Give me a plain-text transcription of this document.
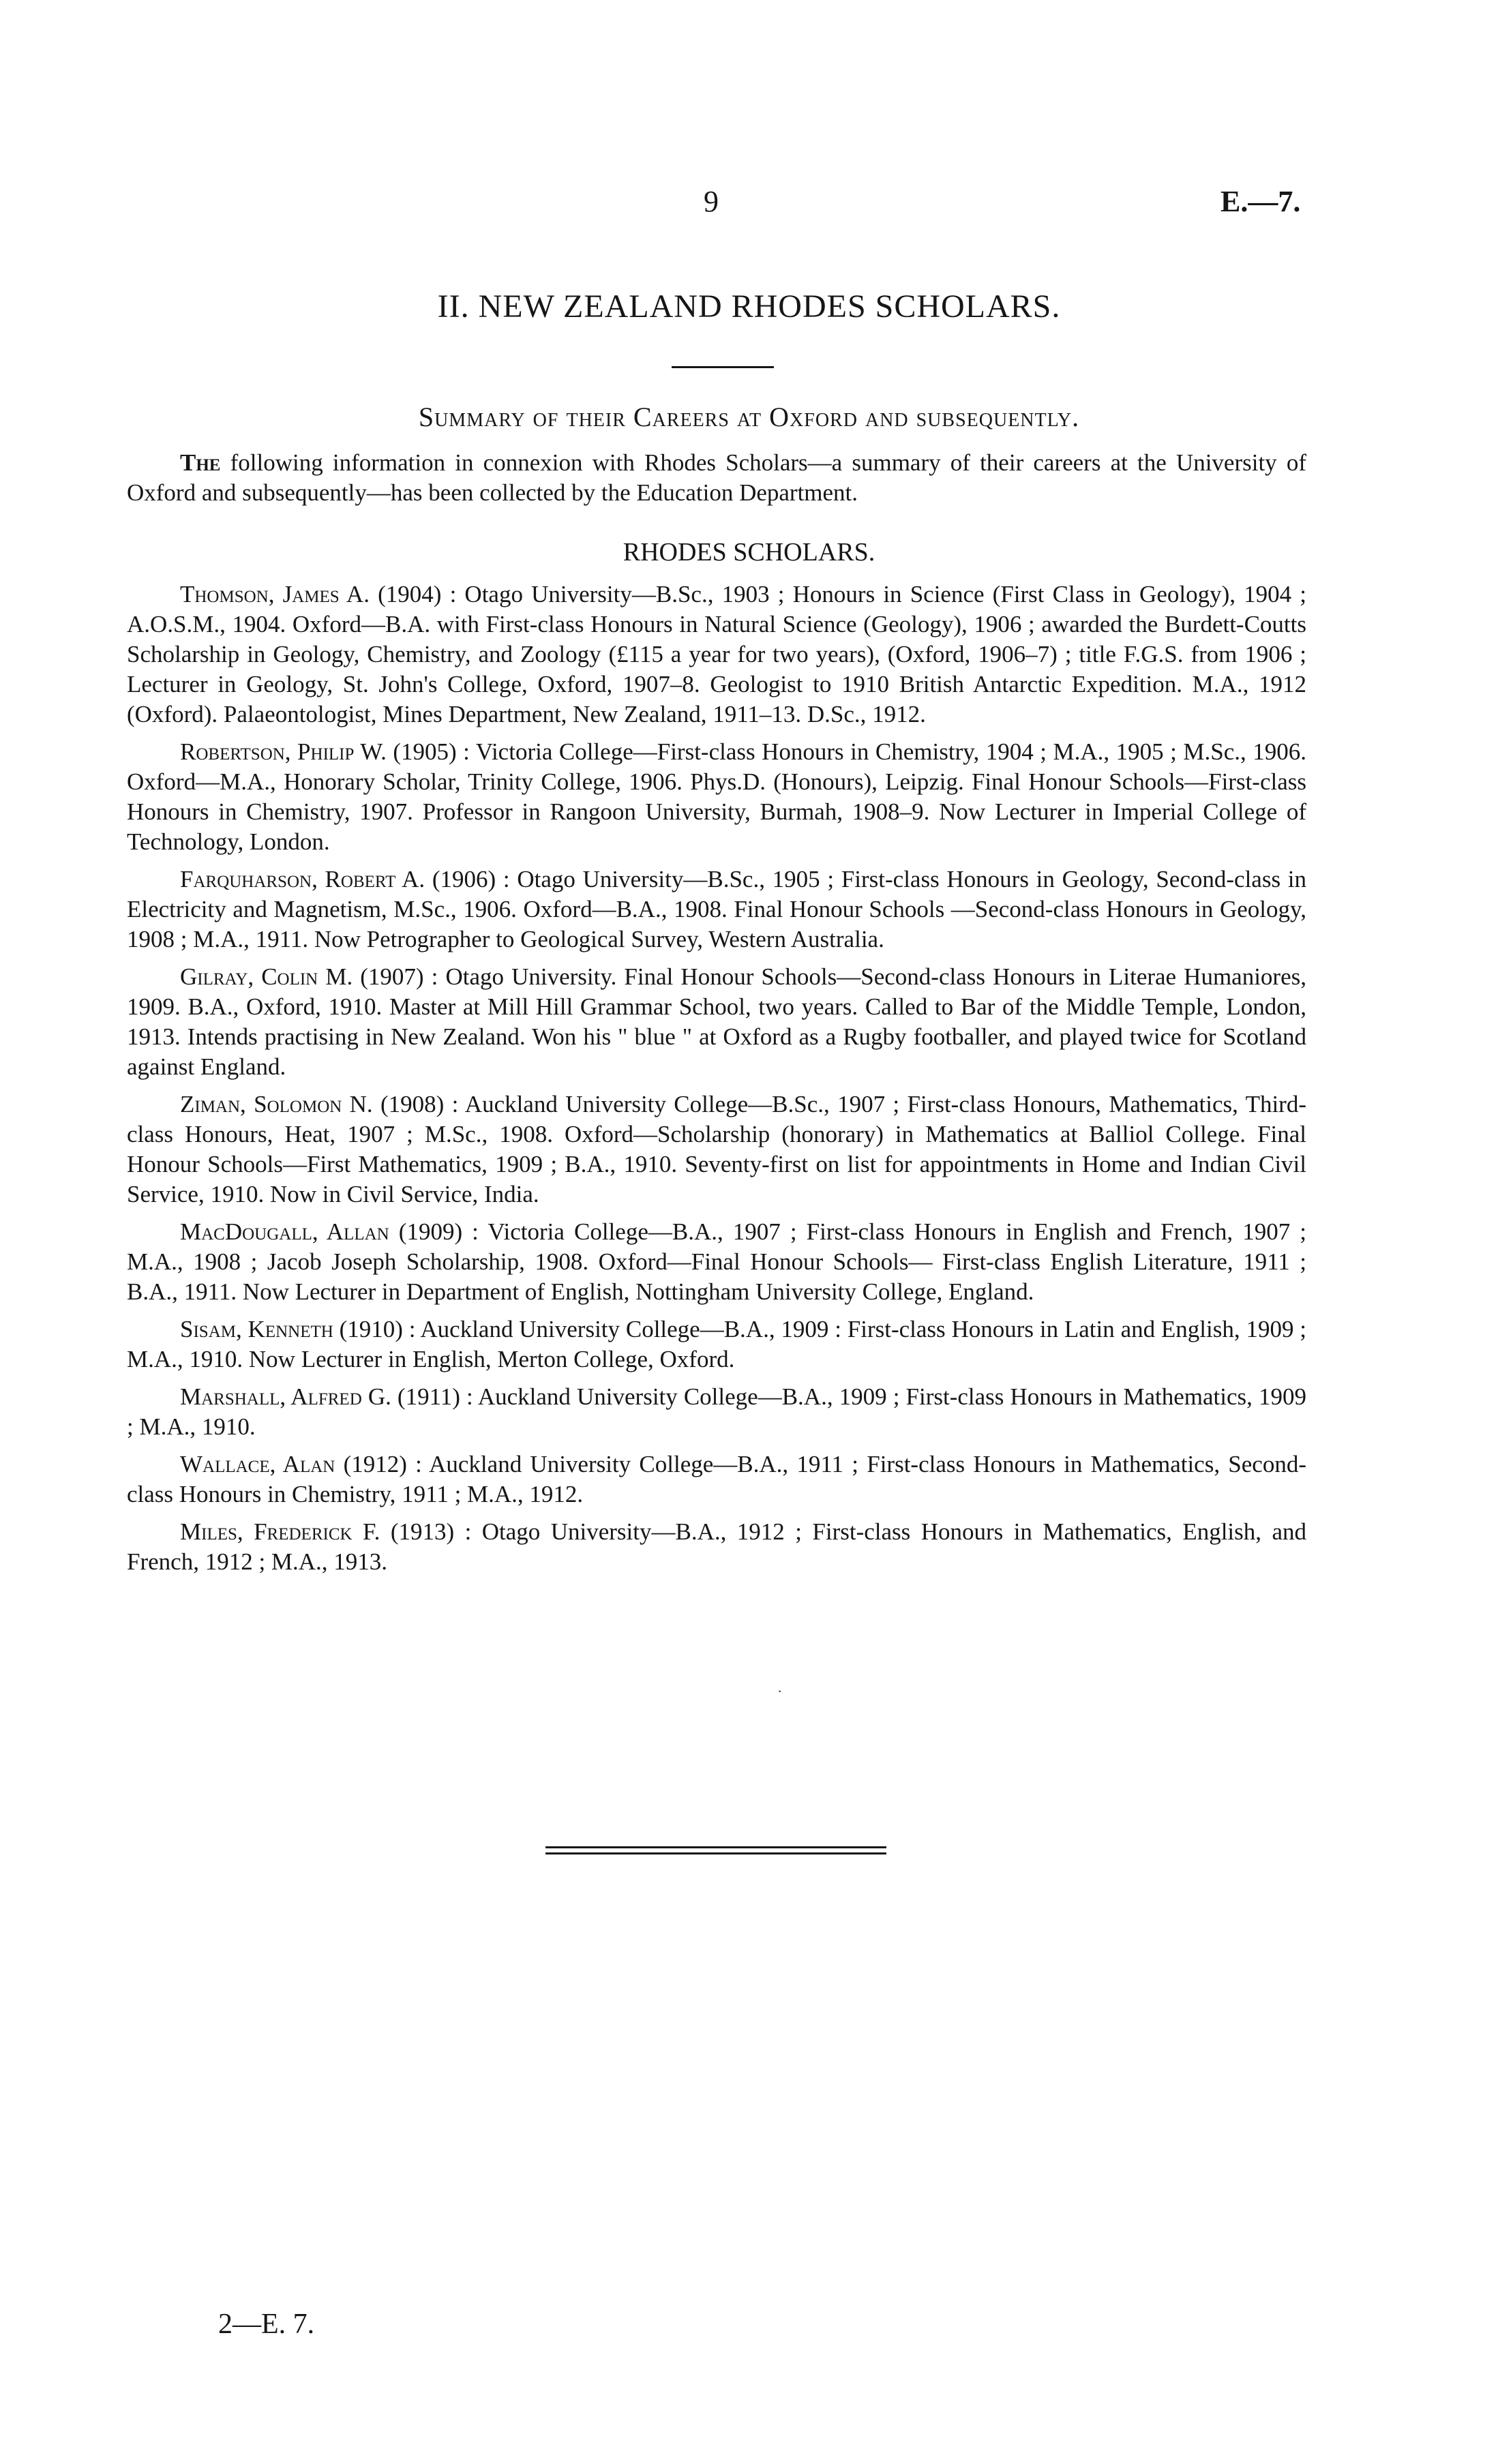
9	E.—7.
II. NEW ZEALAND RHODES SCHOLARS.
Summary of their Careers at Oxford and subsequently.

The following information in connexion with Rhodes Scholars—a summary of their careers at the University of Oxford and subsequently—has been collected by the Education Department.

RHODES SCHOLARS.

Thomson, James A. (1904) : Otago University—B.Sc., 1903 ; Honours in Science (First Class in Geology), 1904 ; A.O.S.M., 1904. Oxford—B.A. with First-class Honours in Natural Science (Geology), 1906 ; awarded the Burdett-Coutts Scholarship in Geology, Chemistry, and Zoology (£115 a year for two years), (Oxford, 1906–7) ; title F.G.S. from 1906 ; Lecturer in Geology, St. John's College, Oxford, 1907–8. Geologist to 1910 British Antarctic Expedition. M.A., 1912 (Oxford). Palaeontologist, Mines Department, New Zealand, 1911–13. D.Sc., 1912.

Robertson, Philip W. (1905) : Victoria College—First-class Honours in Chemistry, 1904 ; M.A., 1905 ; M.Sc., 1906. Oxford—M.A., Honorary Scholar, Trinity College, 1906. Phys.D. (Honours), Leipzig. Final Honour Schools—First-class Honours in Chemistry, 1907. Professor in Rangoon University, Burmah, 1908–9. Now Lecturer in Imperial College of Technology, London.

Farquharson, Robert A. (1906) : Otago University—B.Sc., 1905 ; First-class Honours in Geology, Second-class in Electricity and Magnetism, M.Sc., 1906. Oxford—B.A., 1908. Final Honour Schools —Second-class Honours in Geology, 1908 ; M.A., 1911. Now Petrographer to Geological Survey, Western Australia.

Gilray, Colin M. (1907) : Otago University. Final Honour Schools—Second-class Honours in Literae Humaniores, 1909. B.A., Oxford, 1910. Master at Mill Hill Grammar School, two years. Called to Bar of the Middle Temple, London, 1913. Intends practising in New Zealand. Won his " blue " at Oxford as a Rugby footballer, and played twice for Scotland against England.

Ziman, Solomon N. (1908) : Auckland University College—B.Sc., 1907 ; First-class Honours, Mathematics, Third-class Honours, Heat, 1907 ; M.Sc., 1908. Oxford—Scholarship (honorary) in Mathematics at Balliol College. Final Honour Schools—First Mathematics, 1909 ; B.A., 1910. Seventy-first on list for appointments in Home and Indian Civil Service, 1910. Now in Civil Service, India.

MacDougall, Allan (1909) : Victoria College—B.A., 1907 ; First-class Honours in English and French, 1907 ; M.A., 1908 ; Jacob Joseph Scholarship, 1908. Oxford—Final Honour Schools— First-class English Literature, 1911 ; B.A., 1911. Now Lecturer in Department of English, Nottingham University College, England.

Sisam, Kenneth (1910) : Auckland University College—B.A., 1909 : First-class Honours in Latin and English, 1909 ; M.A., 1910. Now Lecturer in English, Merton College, Oxford.

Marshall, Alfred G. (1911) : Auckland University College—B.A., 1909 ; First-class Honours in Mathematics, 1909 ; M.A., 1910.

Wallace, Alan (1912) : Auckland University College—B.A., 1911 ; First-class Honours in Mathematics, Second-class Honours in Chemistry, 1911 ; M.A., 1912.

Miles, Frederick F. (1913) : Otago University—B.A., 1912 ; First-class Honours in Mathematics, English, and French, 1912 ; M.A., 1913.

·
2—E. 7.
